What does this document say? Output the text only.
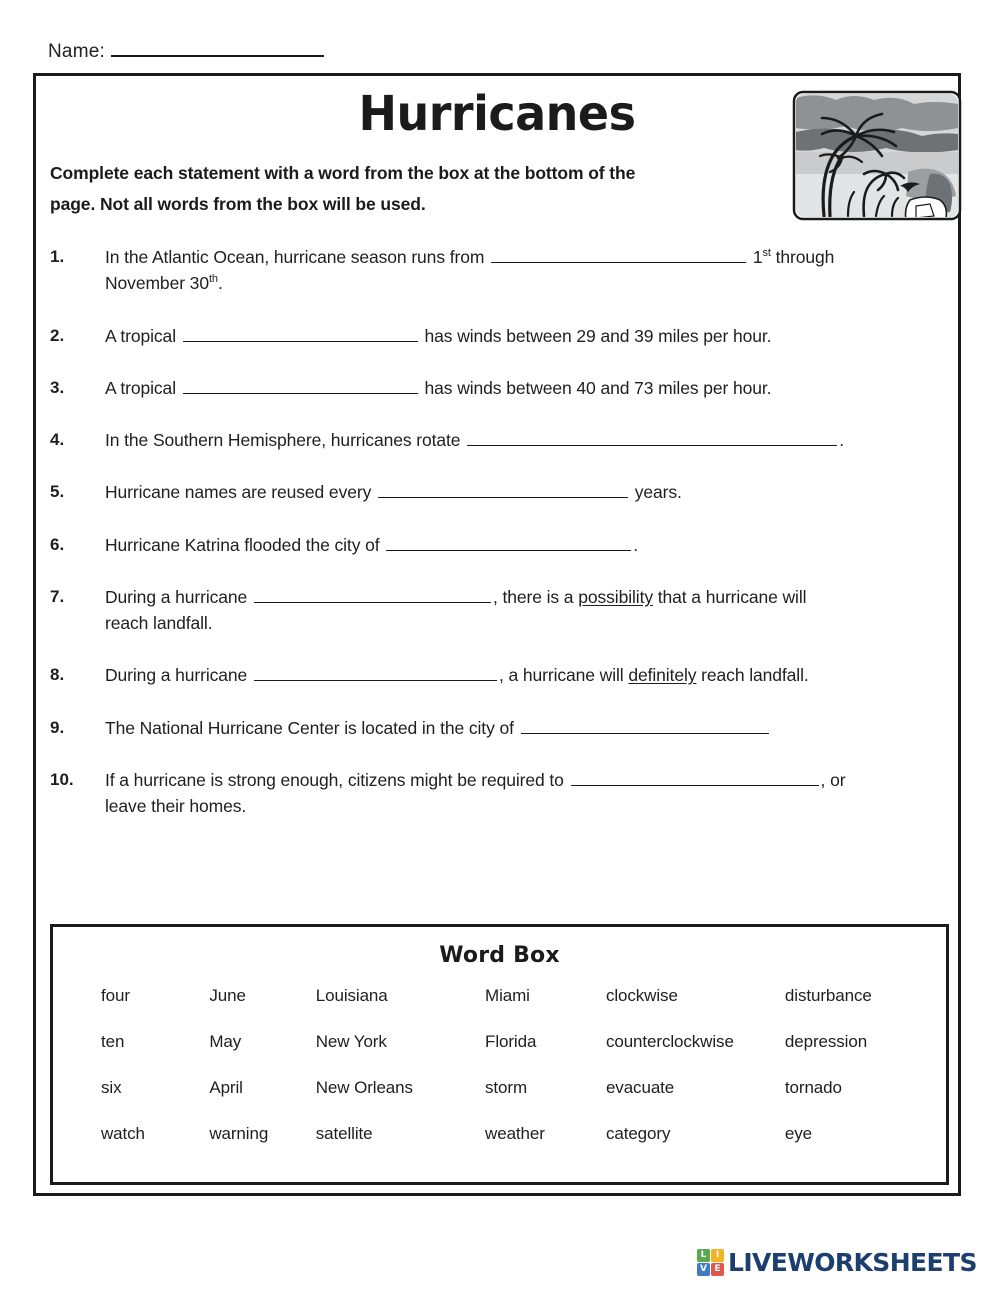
Name:
Hurricanes
Complete each statement with a word from the box at the bottom of the
page. Not all words from the box will be used.
1.	In the Atlantic Ocean, hurricane season runs from	1st through
November 30th.
2.	A tropical	has winds between 29 and 39 miles per hour.
3.	A tropical	has winds between 40 and 73 miles per hour.
4.	In the Southern Hemisphere, hurricanes rotate	.
5.	Hurricane names are reused every	years.
6.	Hurricane Katrina flooded the city of	.
7.	During a hurricane	, there is a possibility that a hurricane will
reach landfall.
8.	During a hurricane	, a hurricane will definitely reach landfall.
9.	The National Hurricane Center is located in the city of
10.	If a hurricane is strong enough, citizens might be required to	, or
leave their homes.
Word Box
four	June	Louisiana	Miami	clockwise	disturbance
ten	May	New York	Florida	counterclockwise	depression
six	April	New Orleans	storm	evacuate	tornado
watch	warning	satellite	weather	category	eye
L	I
V E LIVEWORKSHEETS
